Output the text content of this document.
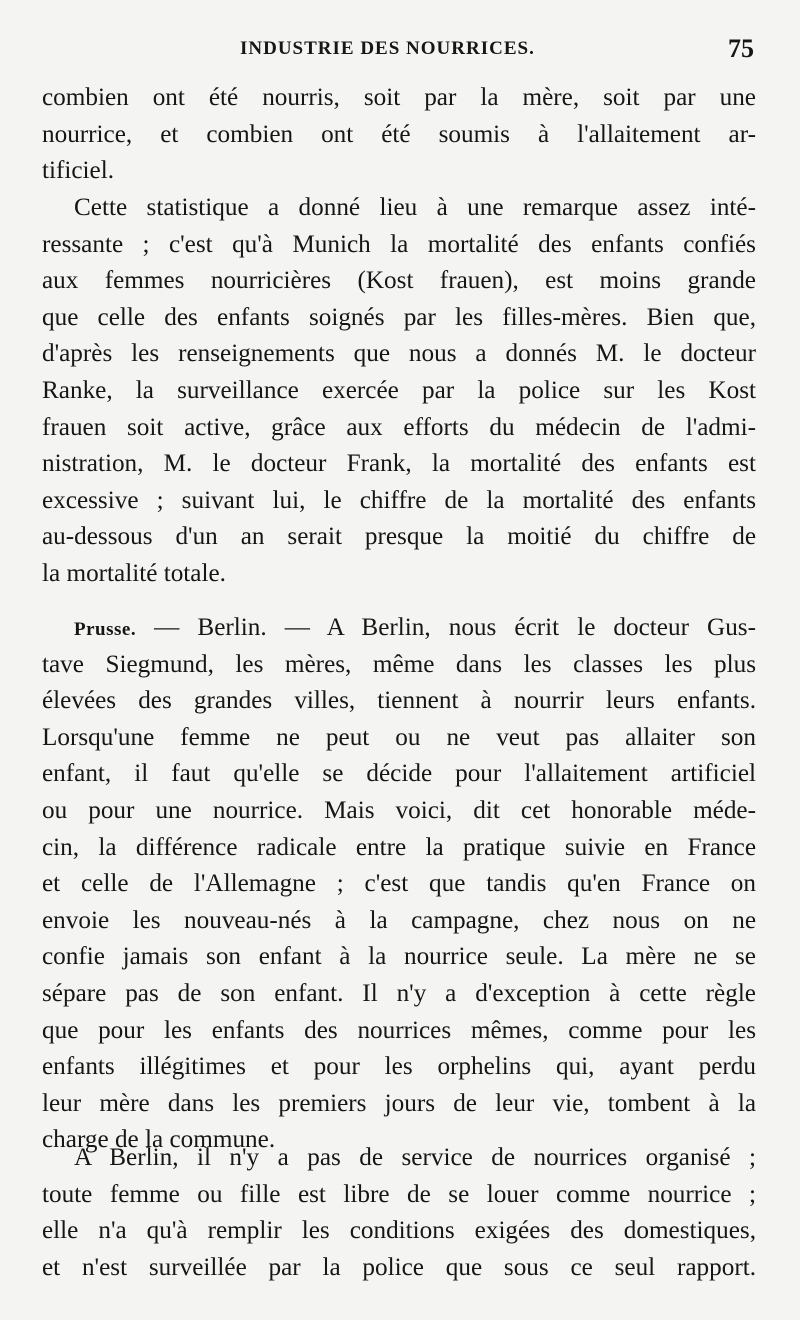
INDUSTRIE DES NOURRICES.	75
combien ont été nourris, soit par la mère, soit par une
nourrice, et combien ont été soumis à l'allaitement ar-
tificiel.
Cette statistique a donné lieu à une remarque assez inté-
ressante ; c'est qu'à Munich la mortalité des enfants confiés
aux femmes nourricières (Kost frauen), est moins grande
que celle des enfants soignés par les filles-mères. Bien que,
d'après les renseignements que nous a donnés M. le docteur
Ranke, la surveillance exercée par la police sur les Kost
frauen soit active, grâce aux efforts du médecin de l'admi-
nistration, M. le docteur Frank, la mortalité des enfants est
excessive ; suivant lui, le chiffre de la mortalité des enfants
au-dessous d'un an serait presque la moitié du chiffre de
la mortalité totale.
Prusse. — Berlin. — A Berlin, nous écrit le docteur Gus-
tave Siegmund, les mères, même dans les classes les plus
élevées des grandes villes, tiennent à nourrir leurs enfants.
Lorsqu'une femme ne peut ou ne veut pas allaiter son
enfant, il faut qu'elle se décide pour l'allaitement artificiel
ou pour une nourrice. Mais voici, dit cet honorable méde-
cin, la différence radicale entre la pratique suivie en France
et celle de l'Allemagne ; c'est que tandis qu'en France on
envoie les nouveau-nés à la campagne, chez nous on ne
confie jamais son enfant à la nourrice seule. La mère ne se
sépare pas de son enfant. Il n'y a d'exception à cette règle
que pour les enfants des nourrices mêmes, comme pour les
enfants illégitimes et pour les orphelins qui, ayant perdu
leur mère dans les premiers jours de leur vie, tombent à la
charge de la commune.
A Berlin, il n'y a pas de service de nourrices organisé ;
toute femme ou fille est libre de se louer comme nourrice ;
elle n'a qu'à remplir les conditions exigées des domestiques,
et n'est surveillée par la police que sous ce seul rapport.
